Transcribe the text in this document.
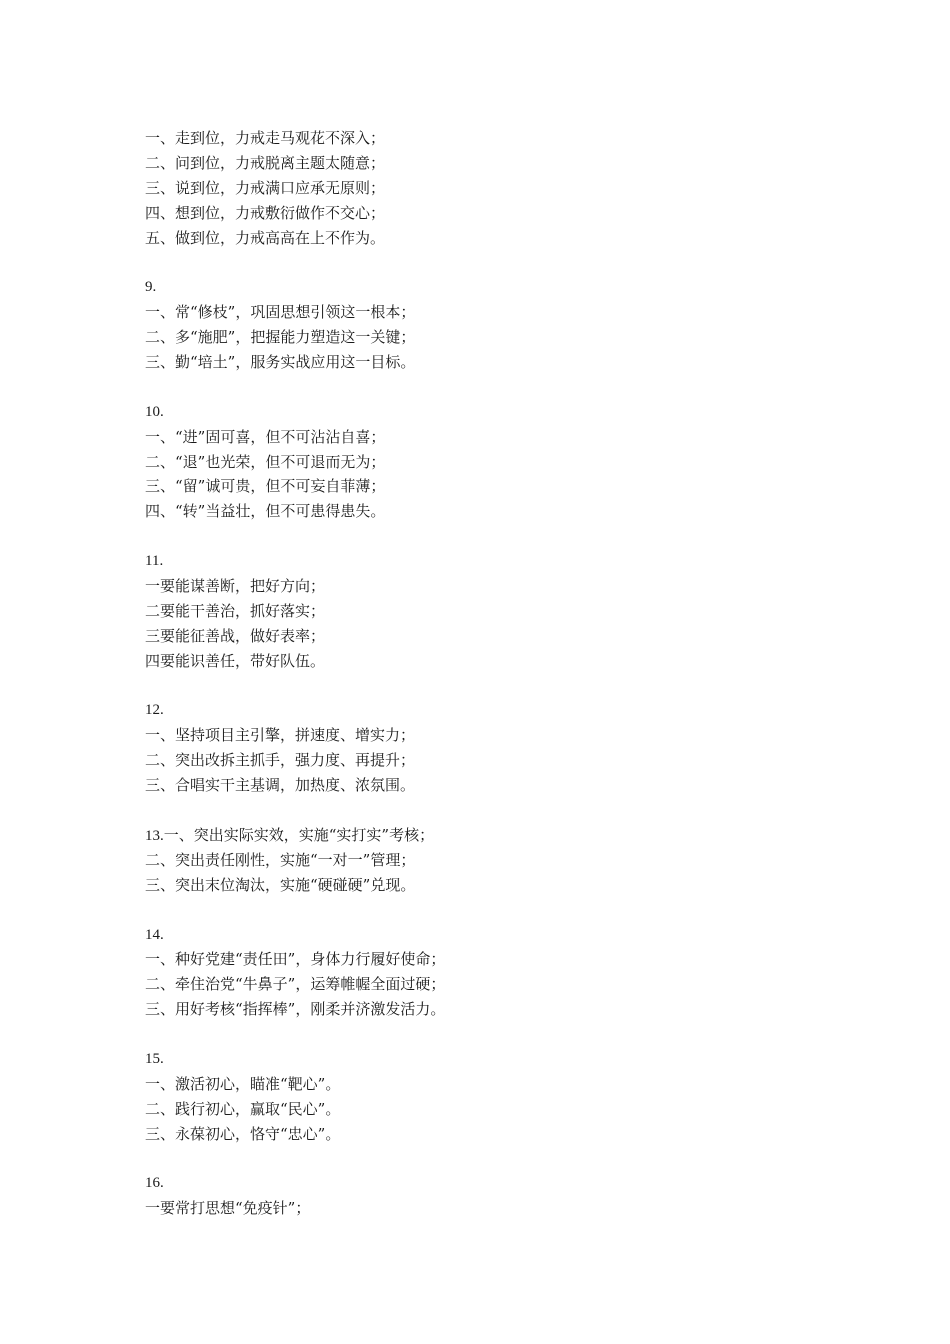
一、走到位，力戒走马观花不深入；
二、问到位，力戒脱离主题太随意；
三、说到位，力戒满口应承无原则；
四、想到位，力戒敷衍做作不交心；
五、做到位，力戒高高在上不作为。
9.
一、常“修枝”，巩固思想引领这一根本；
二、多“施肥”，把握能力塑造这一关键；
三、勤“培土”，服务实战应用这一目标。
10.
一、“进”固可喜，但不可沾沾自喜；
二、“退”也光荣，但不可退而无为；
三、“留”诚可贵，但不可妄自菲薄；
四、“转”当益壮，但不可患得患失。
11.
一要能谋善断，把好方向；
二要能干善治，抓好落实；
三要能征善战，做好表率；
四要能识善任，带好队伍。
12.
一、坚持项目主引擎，拼速度、增实力；
二、突出改拆主抓手，强力度、再提升；
三、合唱实干主基调，加热度、浓氛围。
13.一、突出实际实效，实施“实打实”考核；
二、突出责任刚性，实施“一对一”管理；
三、突出末位淘汰，实施“硬碰硬”兑现。
14.
一、种好党建“责任田”，身体力行履好使命；
二、牵住治党“牛鼻子”，运筹帷幄全面过硬；
三、用好考核“指挥棒”，刚柔并济激发活力。
15.
一、激活初心，瞄准“靶心”。
二、践行初心，赢取“民心”。
三、永葆初心，恪守“忠心”。
16.
一要常打思想“免疫针”；
